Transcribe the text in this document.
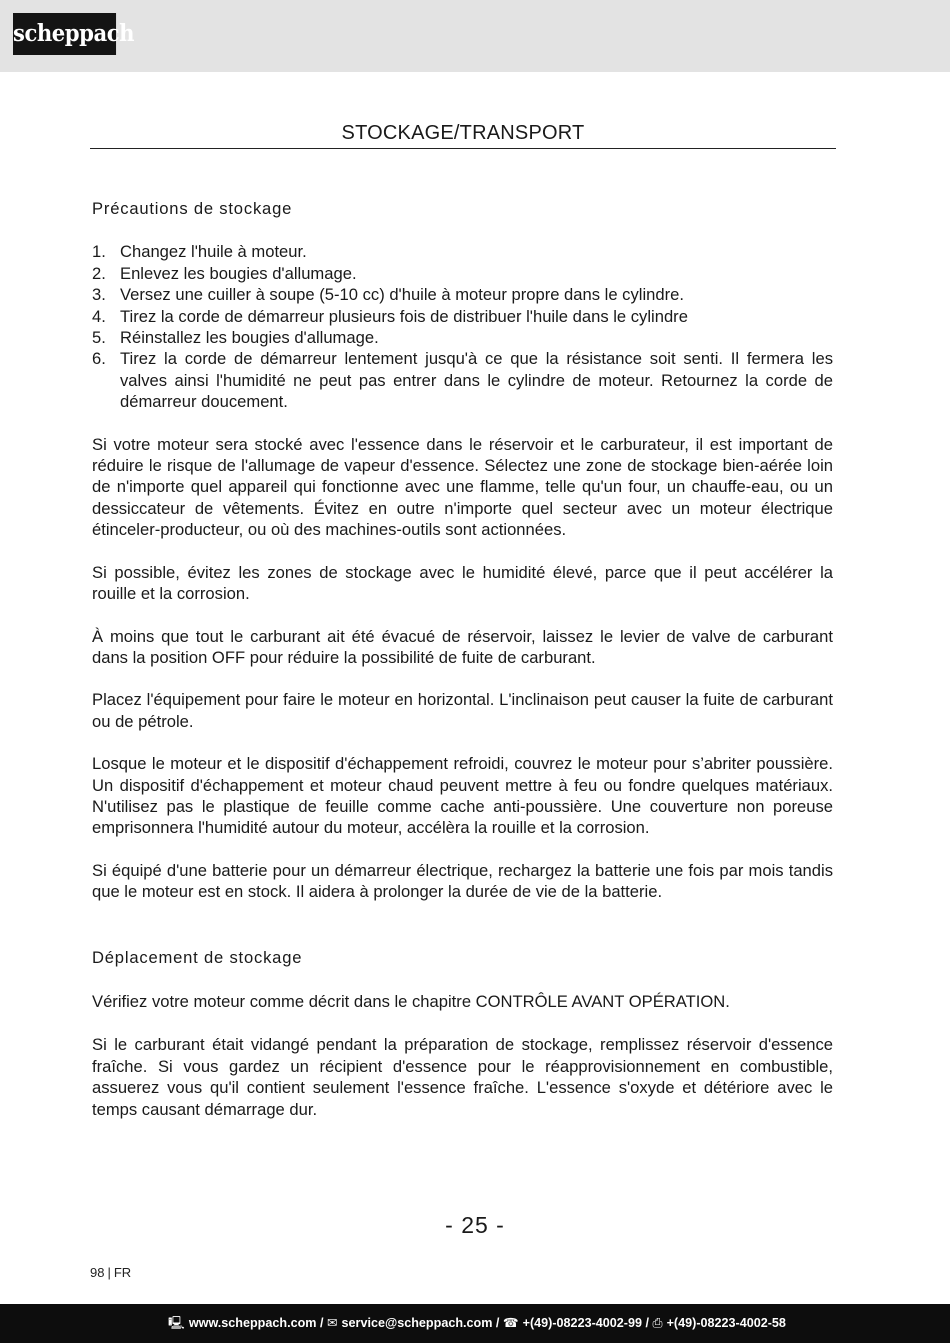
scheppach
STOCKAGE/TRANSPORT
Précautions de stockage
1. Changez l'huile à moteur.
2. Enlevez les bougies d'allumage.
3. Versez une cuiller à soupe (5-10 cc) d'huile à moteur propre dans le cylindre.
4. Tirez la corde de démarreur plusieurs fois de distribuer l'huile dans le cylindre
5. Réinstallez les bougies d'allumage.
6. Tirez la corde de démarreur lentement jusqu'à ce que la résistance soit senti. Il fermera les valves ainsi l'humidité ne peut pas entrer dans le cylindre de moteur. Retournez la corde de démarreur doucement.

Si votre moteur sera stocké avec l'essence dans le réservoir et le carburateur, il est important de réduire le risque de l'allumage de vapeur d'essence. Sélectez une zone de stockage bien-aérée loin de n'importe quel appareil qui fonctionne avec une flamme, telle qu'un four, un chauffe-eau, ou un dessiccateur de vêtements. Évitez en outre n'importe quel secteur avec un moteur électrique étinceler-producteur, ou où des machines-outils sont actionnées.

Si possible, évitez les zones de stockage avec le humidité élevé, parce que il peut accélérer la rouille et la corrosion.

À moins que tout le carburant ait été évacué de réservoir, laissez le levier de valve de carburant dans la position OFF pour réduire la possibilité de fuite de carburant.

Placez l'équipement pour faire le moteur en horizontal. L'inclinaison peut causer la fuite de carburant ou de pétrole.

Losque le moteur et le dispositif d'échappement refroidi, couvrez le moteur pour s’abriter poussière. Un dispositif d'échappement et moteur chaud peuvent mettre à feu ou fondre quelques matériaux. N'utilisez pas le plastique de feuille comme cache anti-poussière. Une couverture non poreuse emprisonnera l'humidité autour du moteur, accélèra la rouille et la corrosion.

Si équipé d'une batterie pour un démarreur électrique, rechargez la batterie une fois par mois tandis que le moteur est en stock. Il aidera à prolonger la durée de vie de la batterie.

Déplacement de stockage

Vérifiez votre moteur comme décrit dans le chapitre CONTRÔLE AVANT OPÉRATION.

Si le carburant était vidangé pendant la préparation de stockage, remplissez réservoir d'essence fraîche. Si vous gardez un récipient d'essence pour le réapprovisionnement en combustible, assuerez vous qu'il contient seulement l'essence fraîche. L'essence s'oxyde et détériore avec le temps causant démarrage dur.

- 25 -
98 | FR
🖳 www.scheppach.com / ✉ service@scheppach.com / ☎ +(49)-08223-4002-99 / ⎙ +(49)-08223-4002-58
